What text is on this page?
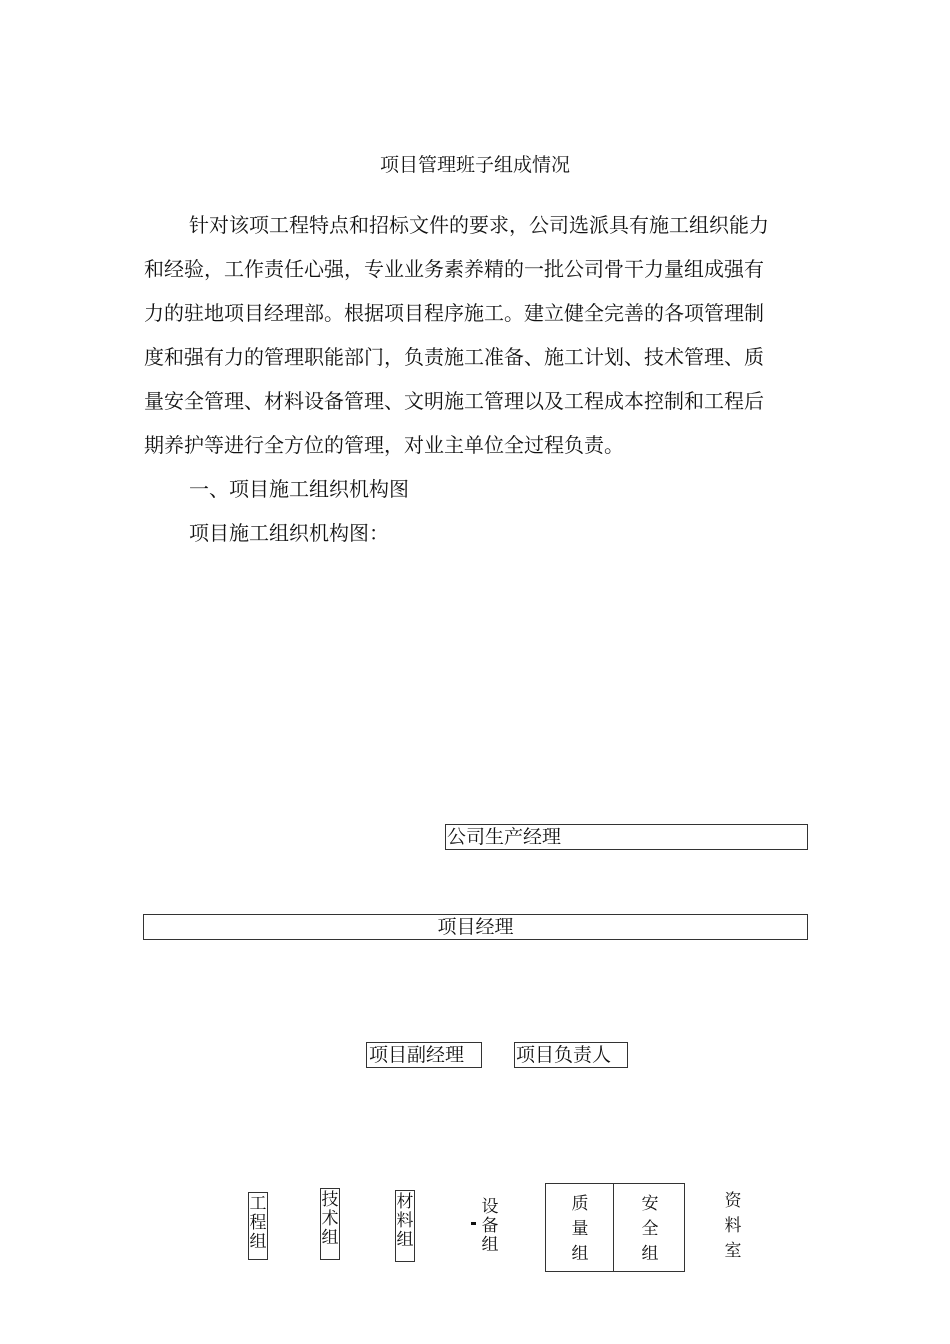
项目管理班子组成情况
针对该项工程特点和招标文件的要求，公司选派具有施工组织能力
和经验，工作责任心强，专业业务素养精的一批公司骨干力量组成强有
力的驻地项目经理部。根据项目程序施工。建立健全完善的各项管理制
度和强有力的管理职能部门，负责施工准备、施工计划、技术管理、质
量安全管理、材料设备管理、文明施工管理以及工程成本控制和工程后
期养护等进行全方位的管理，对业主单位全过程负责。
一、项目施工组织机构图
项目施工组织机构图：
公司生产经理
项目经理
项目副经理	项目负责人
工
程
组
技
术
组
材
料
组
设
备
组
质
量
组
安
全
组
资
料
室
